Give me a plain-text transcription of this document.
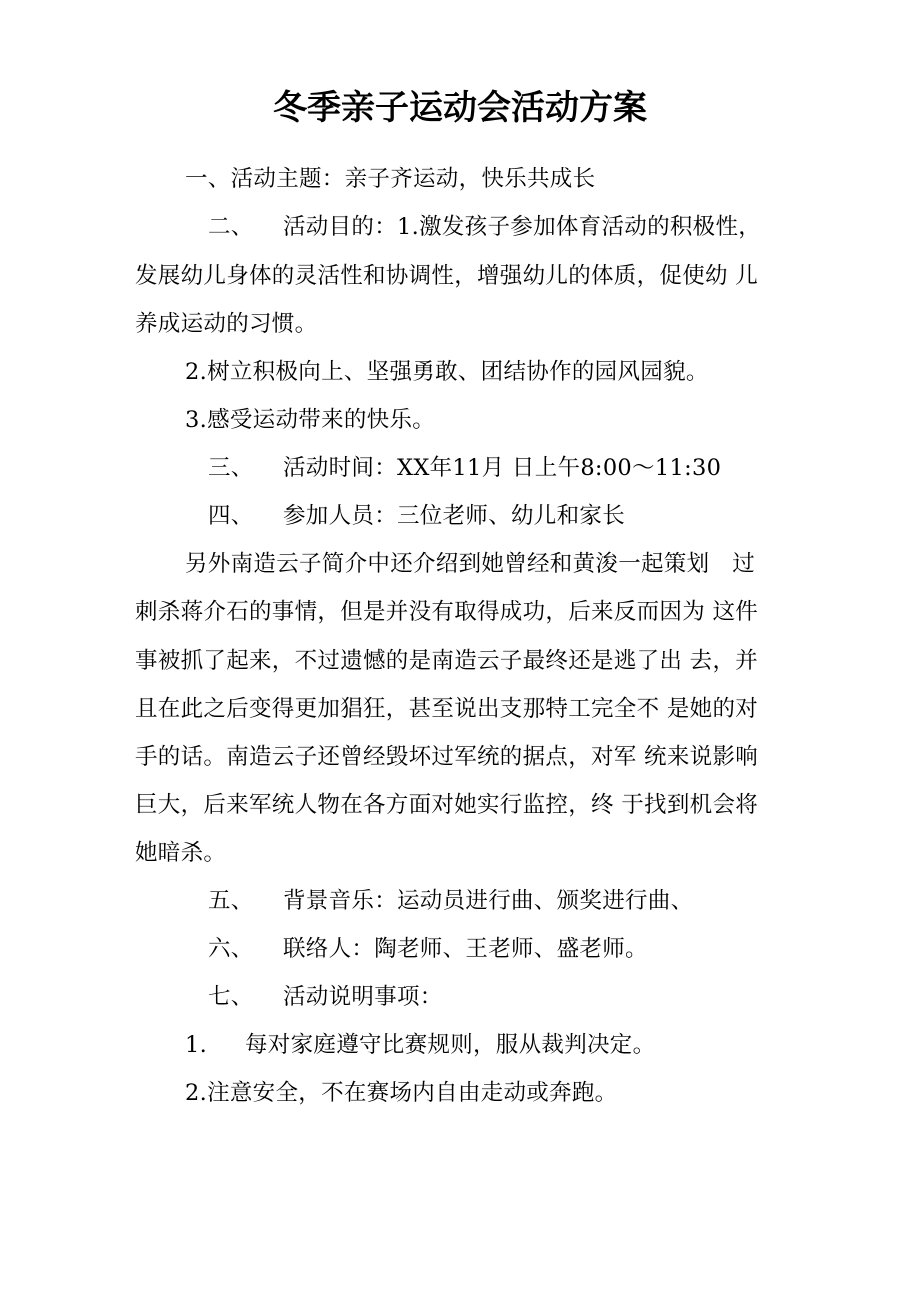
冬季亲子运动会活动方案
一、活动主题：亲子齐运动，快乐共成长
二、 活动目的：1.激发孩子参加体育活动的积极性，
发展幼儿身体的灵活性和协调性，增强幼儿的体质，促使幼 儿
养成运动的习惯。
2.树立积极向上、坚强勇敢、团结协作的园风园貌。
3.感受运动带来的快乐。
三、 活动时间：XX年11月 日上午8:00～11:30
四、 参加人员：三位老师、幼儿和家长
另外南造云子简介中还介绍到她曾经和黄浚一起策划　过
刺杀蒋介石的事情，但是并没有取得成功，后来反而因为 这件
事被抓了起来，不过遗憾的是南造云子最终还是逃了出 去，并
且在此之后变得更加猖狂，甚至说出支那特工完全不 是她的对
手的话。南造云子还曾经毁坏过军统的据点，对军 统来说影响
巨大，后来军统人物在各方面对她实行监控，终 于找到机会将
她暗杀。
五、 背景音乐：运动员进行曲、颁奖进行曲、
六、 联络人：陶老师、王老师、盛老师。
七、 活动说明事项：
1. 每对家庭遵守比赛规则，服从裁判决定。
2.注意安全，不在赛场内自由走动或奔跑。
